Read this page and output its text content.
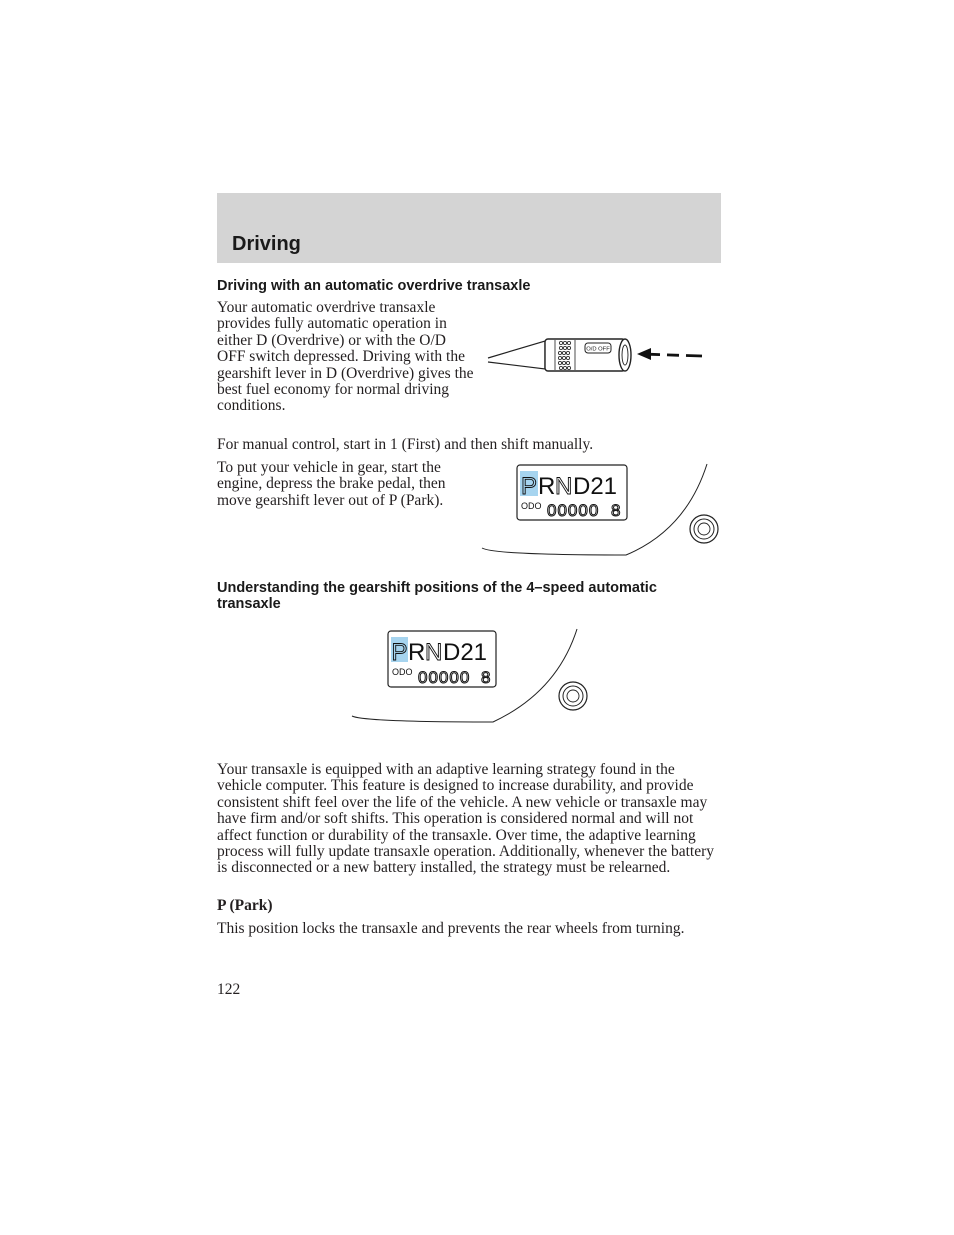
Driving
Driving with an automatic overdrive transaxle

Your automatic overdrive transaxle provides fully automatic operation in either D (Overdrive) or with the O/D OFF switch depressed. Driving with the gearshift lever in D (Overdrive) gives the best fuel economy for normal driving conditions.

O/D OFF

For manual control, start in 1 (First) and then shift manually.

To put your vehicle in gear, start the engine, depress the brake pedal, then move gearshift lever out of P (Park).

P R N D21
ODO 00000 8
Understanding the gearshift positions of the 4–speed automatic transaxle
P R N D21
ODO 00000 8

Your transaxle is equipped with an adaptive learning strategy found in the vehicle computer. This feature is designed to increase durability, and provide consistent shift feel over the life of the vehicle. A new vehicle or transaxle may have firm and/or soft shifts. This operation is considered normal and will not affect function or durability of the transaxle. Over time, the adaptive learning process will fully update transaxle operation. Additionally, whenever the battery is disconnected or a new battery installed, the strategy must be relearned.

P (Park)

This position locks the transaxle and prevents the rear wheels from turning.

122
